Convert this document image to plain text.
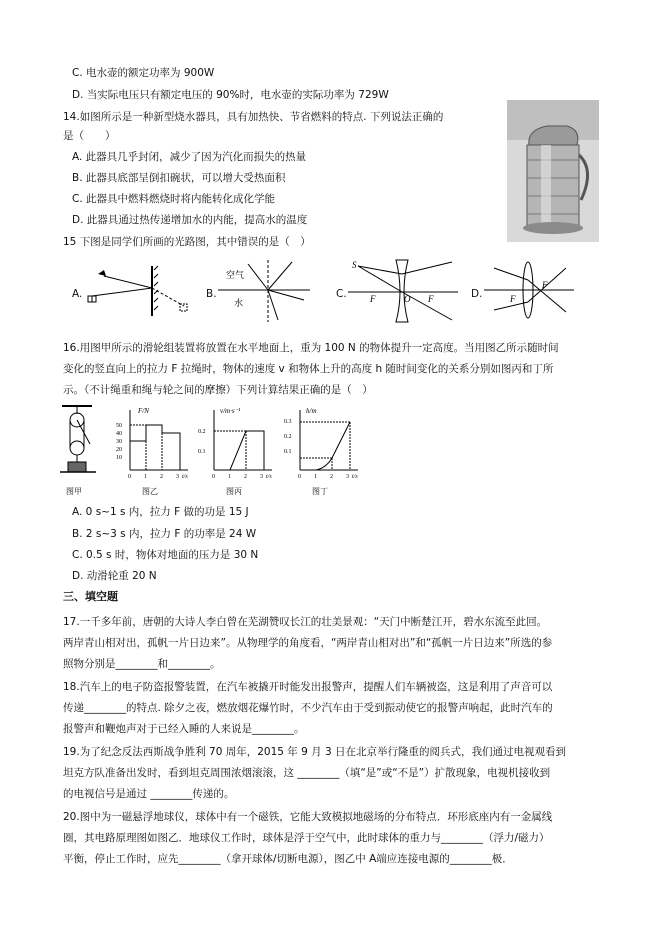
C. 电水壶的额定功率为 900W
D. 当实际电压只有额定电压的 90%时，电水壶的实际功率为 729W
14.如图所示是一种新型烧水器具，具有加热快、节省燃料的特点. 下列说法正确的
是（　　）
A. 此器具几乎封闭，减少了因为汽化而损失的热量
B. 此器具底部呈倒扣碗状，可以增大受热面积
C. 此器具中燃料燃烧时将内能转化成化学能
D. 此器具通过热传递增加水的内能，提高水的温度
15 下图是同学们所画的光路图，其中错误的是（　）
A.	B.
空气
水
C.
S
F	O F	D.	F
F
16.用图甲所示的滑轮组装置将放置在水平地面上，重为 100 N 的物体提升一定高度。当用图乙所示随时间
变化的竖直向上的拉力 F 拉绳时，物体的速度 v 和物体上升的高度 h 随时间变化的关系分别如图丙和丁所
示。（不计绳重和绳与轮之间的摩擦）下列计算结果正确的是（　）
图甲
F/N
50
40
30
20
10
0 1 2 3 t/s
图乙
v/m·s⁻¹
0.2
0.1
0 1 2 3 t/s
图丙
h/m
0.3
0.2
0.1
0 1 2 3 t/s
图丁
A. 0 s~1 s 内，拉力 F 做的功是 15 J
B. 2 s~3 s 内，拉力 F 的功率是 24 W
C. 0.5 s 时，物体对地面的压力是 30 N
D. 动滑轮重 20 N
三、填空题
17.一千多年前，唐朝的大诗人李白曾在芜湖赞叹长江的壮美景观：“天门中断楚江开，碧水东流至此回。
两岸青山相对出，孤帆一片日边来”。从物理学的角度看，“两岸青山相对出”和“孤帆一片日边来”所选的参
照物分别是________和________。
18.汽车上的电子防盗报警装置，在汽车被撬开时能发出报警声，提醒人们车辆被盗，这是利用了声音可以
传递________的特点. 除夕之夜，燃放烟花爆竹时，不少汽车由于受到振动使它的报警声响起，此时汽车的
报警声和鞭炮声对于已经入睡的人来说是________。
19.为了纪念反法西斯战争胜利 70 周年，2015 年 9 月 3 日在北京举行隆重的阅兵式，我们通过电视观看到
坦克方队准备出发时，看到坦克周围浓烟滚滚，这 ________（填“是”或“不是”）扩散现象，电视机接收到
的电视信号是通过 ________传递的。
20.图中为一磁悬浮地球仪，球体中有一个磁铁，它能大致模拟地磁场的分布特点．环形底座内有一金属线
圈，其电路原理图如图乙．地球仪工作时，球体是浮于空气中，此时球体的重力与________（浮力/磁力）
平衡，停止工作时，应先________（拿开球体/切断电源），图乙中 A端应连接电源的________极．
